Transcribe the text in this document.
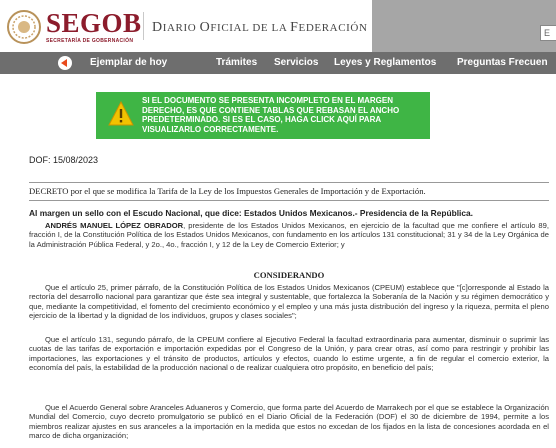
SEGOB
SECRETARÍA DE GOBERNACIÓN
DIARIO OFICIAL DE LA FEDERACIÓN	E
Ejemplar de hoy	Trámites Servicios Leyes y Reglamentos Preguntas Frecuen
SI EL DOCUMENTO SE PRESENTA INCOMPLETO EN EL MARGEN DERECHO, ES QUE CONTIENE TABLAS QUE REBASAN EL ANCHO PREDETERMINADO. SI ES EL CASO, HAGA CLICK AQUÍ PARA VISUALIZARLO CORRECTAMENTE.
DOF: 15/08/2023
DECRETO por el que se modifica la Tarifa de la Ley de los Impuestos Generales de Importación y de Exportación.
Al margen un sello con el Escudo Nacional, que dice: Estados Unidos Mexicanos.- Presidencia de la República.
ANDRÉS MANUEL LÓPEZ OBRADOR, presidente de los Estados Unidos Mexicanos, en ejercicio de la facultad que me confiere el artículo 89, fracción I, de la Constitución Política de los Estados Unidos Mexicanos, con fundamento en los artículos 131 constitucional; 31 y 34 de la Ley Orgánica de la Administración Pública Federal, y 2o., 4o., fracción I, y 12 de la Ley de Comercio Exterior; y
CONSIDERANDO
Que el artículo 25, primer párrafo, de la Constitución Política de los Estados Unidos Mexicanos (CPEUM) establece que "[c]orresponde al Estado la rectoría del desarrollo nacional para garantizar que éste sea integral y sustentable, que fortalezca la Soberanía de la Nación y su régimen democrático y que, mediante la competitividad, el fomento del crecimiento económico y el empleo y una más justa distribución del ingreso y la riqueza, permita el pleno ejercicio de la libertad y la dignidad de los individuos, grupos y clases sociales";
Que el artículo 131, segundo párrafo, de la CPEUM confiere al Ejecutivo Federal la facultad extraordinaria para aumentar, disminuir o suprimir las cuotas de las tarifas de exportación e importación expedidas por el Congreso de la Unión, y para crear otras, así como para restringir y prohibir las importaciones, las exportaciones y el tránsito de productos, artículos y efectos, cuando lo estime urgente, a fin de regular el comercio exterior, la economía del país, la estabilidad de la producción nacional o de realizar cualquiera otro propósito, en beneficio del país;
Que el Acuerdo General sobre Aranceles Aduaneros y Comercio, que forma parte del Acuerdo de Marrakech por el que se establece la Organización Mundial del Comercio, cuyo decreto promulgatorio se publicó en el Diario Oficial de la Federación (DOF) el 30 de diciembre de 1994, permite a los miembros realizar ajustes en sus aranceles a la importación en la medida que estos no excedan de los fijados en la lista de concesiones acordada en el marco de dicha organización;
